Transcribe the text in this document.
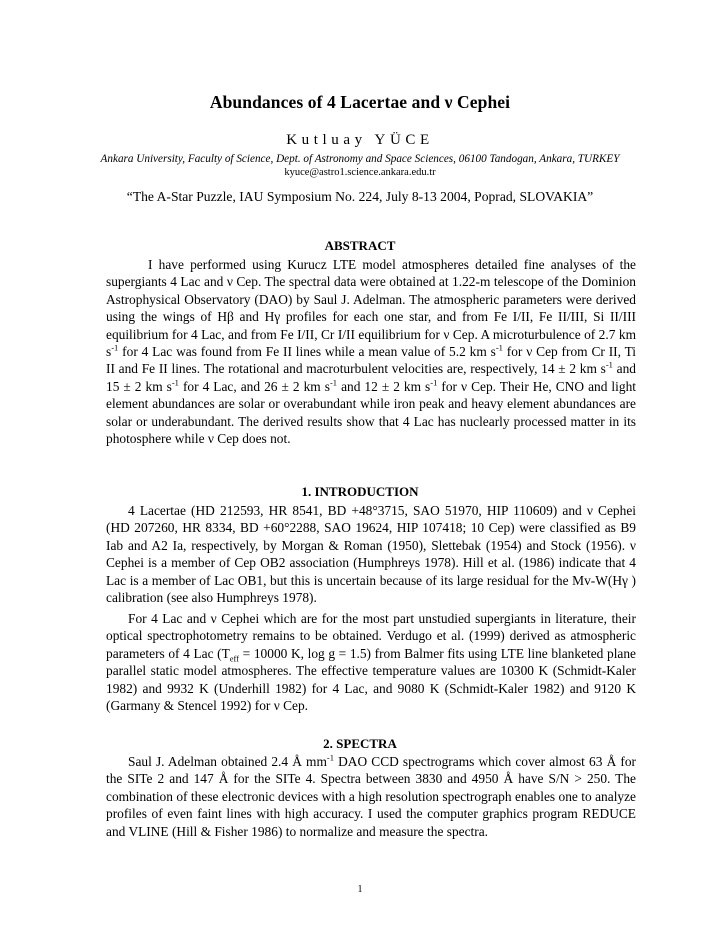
Abundances of 4 Lacertae and ν Cephei
Kutluay YÜCE
Ankara University, Faculty of Science, Dept. of Astronomy and Space Sciences, 06100 Tandogan, Ankara, TURKEY
kyuce@astro1.science.ankara.edu.tr
“The A-Star Puzzle, IAU Symposium No. 224, July 8-13 2004, Poprad, SLOVAKIA”
ABSTRACT

I have performed using Kurucz LTE model atmospheres detailed fine analyses of the supergiants 4 Lac and ν Cep. The spectral data were obtained at 1.22-m telescope of the Dominion Astrophysical Observatory (DAO) by Saul J. Adelman. The atmospheric parameters were derived using the wings of Hβ and Hγ profiles for each one star, and from Fe I/II, Fe II/III, Si II/III equilibrium for 4 Lac, and from Fe I/II, Cr I/II equilibrium for ν Cep. A microturbulence of 2.7 km $s^{-1}$ for 4 Lac was found from Fe II lines while a mean value of 5.2 km $s^{-1}$ for ν Cep from Cr II, Ti II and Fe II lines. The rotational and macroturbulent velocities are, respectively, 14 ± 2 km $s^{-1}$ and 15 ± 2 km $s^{-1}$ for 4 Lac, and 26 ± 2 km $s^{-1}$ and 12 ± 2 km $s^{-1}$ for ν Cep. Their He, CNO and light element abundances are solar or overabundant while iron peak and heavy element abundances are solar or underabundant. The derived results show that 4 Lac has nuclearly processed matter in its photosphere while ν Cep does not.

1. INTRODUCTION

4 Lacertae (HD 212593, HR 8541, BD +48°3715, SAO 51970, HIP 110609) and ν Cephei (HD 207260, HR 8334, BD +60°2288, SAO 19624, HIP 107418; 10 Cep) were classified as B9 Iab and A2 Ia, respectively, by Morgan & Roman (1950), Slettebak (1954) and Stock (1956). ν Cephei is a member of Cep OB2 association (Humphreys 1978). Hill et al. (1986) indicate that 4 Lac is a member of Lac OB1, but this is uncertain because of its large residual for the Mv-W(Hγ ) calibration (see also Humphreys 1978).

For 4 Lac and ν Cephei which are for the most part unstudied supergiants in literature, their optical spectrophotometry remains to be obtained. Verdugo et al. (1999) derived as atmospheric parameters of 4 Lac ($T_{eff} = 10000$ K, log g = 1.5) from Balmer fits using LTE line blanketed plane parallel static model atmospheres. The effective temperature values are 10300 K (Schmidt-Kaler 1982) and 9932 K (Underhill 1982) for 4 Lac, and 9080 K (Schmidt-Kaler 1982) and 9120 K (Garmany & Stencel 1992) for ν Cep.

2. SPECTRA

Saul J. Adelman obtained 2.4 Å $mm^{-1}$ DAO CCD spectrograms which cover almost 63 Å for the SITe 2 and 147 Å for the SITe 4. Spectra between 3830 and 4950 Å have S/N > 250. The combination of these electronic devices with a high resolution spectrograph enables one to analyze profiles of even faint lines with high accuracy. I used the computer graphics program REDUCE and VLINE (Hill & Fisher 1986) to normalize and measure the spectra.

1
